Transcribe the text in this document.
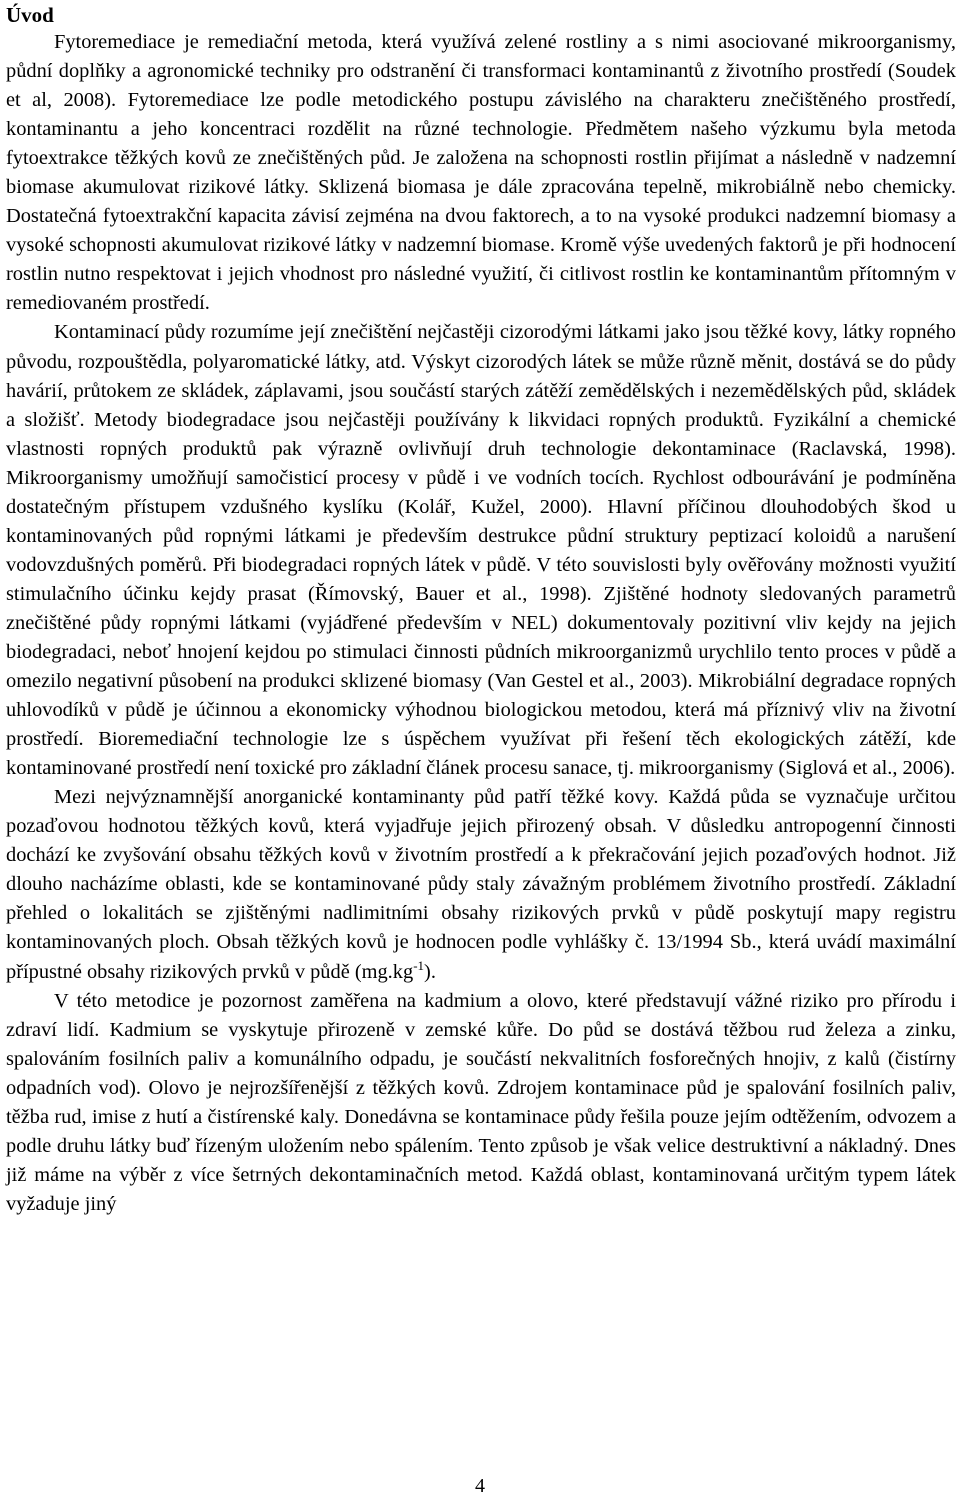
Úvod

Fytoremediace je remediační metoda, která využívá zelené rostliny a s nimi asociované mikroorganismy, půdní doplňky a agronomické techniky pro odstranění či transformaci kontaminantů z životního prostředí (Soudek et al, 2008). Fytoremediace lze podle metodického postupu závislého na charakteru znečištěného prostředí, kontaminantu a jeho koncentraci rozdělit na různé technologie. Předmětem našeho výzkumu byla metoda fytoextrakce těžkých kovů ze znečištěných půd. Je založena na schopnosti rostlin přijímat a následně v nadzemní biomase akumulovat rizikové látky. Sklizená biomasa je dále zpracována tepelně, mikrobiálně nebo chemicky. Dostatečná fytoextrakční kapacita závisí zejména na dvou faktorech, a to na vysoké produkci nadzemní biomasy a vysoké schopnosti akumulovat rizikové látky v nadzemní biomase. Kromě výše uvedených faktorů je při hodnocení rostlin nutno respektovat i jejich vhodnost pro následné využití, či citlivost rostlin ke kontaminantům přítomným v remediovaném prostředí.

Kontaminací půdy rozumíme její znečištění nejčastěji cizorodými látkami jako jsou těžké kovy, látky ropného původu, rozpouštědla, polyaromatické látky, atd. Výskyt cizorodých látek se může různě měnit, dostává se do půdy havárií, průtokem ze skládek, záplavami, jsou součástí starých zátěží zemědělských i nezemědělských půd, skládek a složišť. Metody biodegradace jsou nejčastěji používány k likvidaci ropných produktů. Fyzikální a chemické vlastnosti ropných produktů pak výrazně ovlivňují druh technologie dekontaminace (Raclavská, 1998). Mikroorganismy umožňují samočisticí procesy v půdě i ve vodních tocích. Rychlost odbourávání je podmíněna dostatečným přístupem vzdušného kyslíku (Kolář, Kužel, 2000). Hlavní příčinou dlouhodobých škod u kontaminovaných půd ropnými látkami je především destrukce půdní struktury peptizací koloidů a narušení vodovzdušných poměrů. Při biodegradaci ropných látek v půdě. V této souvislosti byly ověřovány možnosti využití stimulačního účinku kejdy prasat (Římovský, Bauer et al., 1998). Zjištěné hodnoty sledovaných parametrů znečištěné půdy ropnými látkami (vyjádřené především v NEL) dokumentovaly pozitivní vliv kejdy na jejich biodegradaci, neboť hnojení kejdou po stimulaci činnosti půdních mikroorganizmů urychlilo tento proces v půdě a omezilo negativní působení na produkci sklizené biomasy (Van Gestel et al., 2003). Mikrobiální degradace ropných uhlovodíků v půdě je účinnou a ekonomicky výhodnou biologickou metodou, která má příznivý vliv na životní prostředí. Bioremediační technologie lze s úspěchem využívat při řešení těch ekologických zátěží, kde kontaminované prostředí není toxické pro základní článek procesu sanace, tj. mikroorganismy (Siglová et al., 2006).

Mezi nejvýznamnější anorganické kontaminanty půd patří těžké kovy. Každá půda se vyznačuje určitou pozaďovou hodnotou těžkých kovů, která vyjadřuje jejich přirozený obsah. V důsledku antropogenní činnosti dochází ke zvyšování obsahu těžkých kovů v životním prostředí a k překračování jejich pozaďových hodnot. Již dlouho nacházíme oblasti, kde se kontaminované půdy staly závažným problémem životního prostředí. Základní přehled o lokalitách se zjištěnými nadlimitními obsahy rizikových prvků v půdě poskytují mapy registru kontaminovaných ploch. Obsah těžkých kovů je hodnocen podle vyhlášky č. 13/1994 Sb., která uvádí maximální přípustné obsahy rizikových prvků v půdě $(mg.kg^{-1})$.

V této metodice je pozornost zaměřena na kadmium a olovo, které představují vážné riziko pro přírodu i zdraví lidí. Kadmium se vyskytuje přirozeně v zemské kůře. Do půd se dostává těžbou rud železa a zinku, spalováním fosilních paliv a komunálního odpadu, je součástí nekvalitních fosforečných hnojiv, z kalů (čistírny odpadních vod). Olovo je nejrozšířenější z těžkých kovů. Zdrojem kontaminace půd je spalování fosilních paliv, těžba rud, imise z hutí a čistírenské kaly. Donedávna se kontaminace půdy řešila pouze jejím odtěžením, odvozem a podle druhu látky buď řízeným uložením nebo spálením. Tento způsob je však velice destruktivní a nákladný. Dnes již máme na výběr z více šetrných dekontaminačních metod. Každá oblast, kontaminovaná určitým typem látek vyžaduje jiný

4
